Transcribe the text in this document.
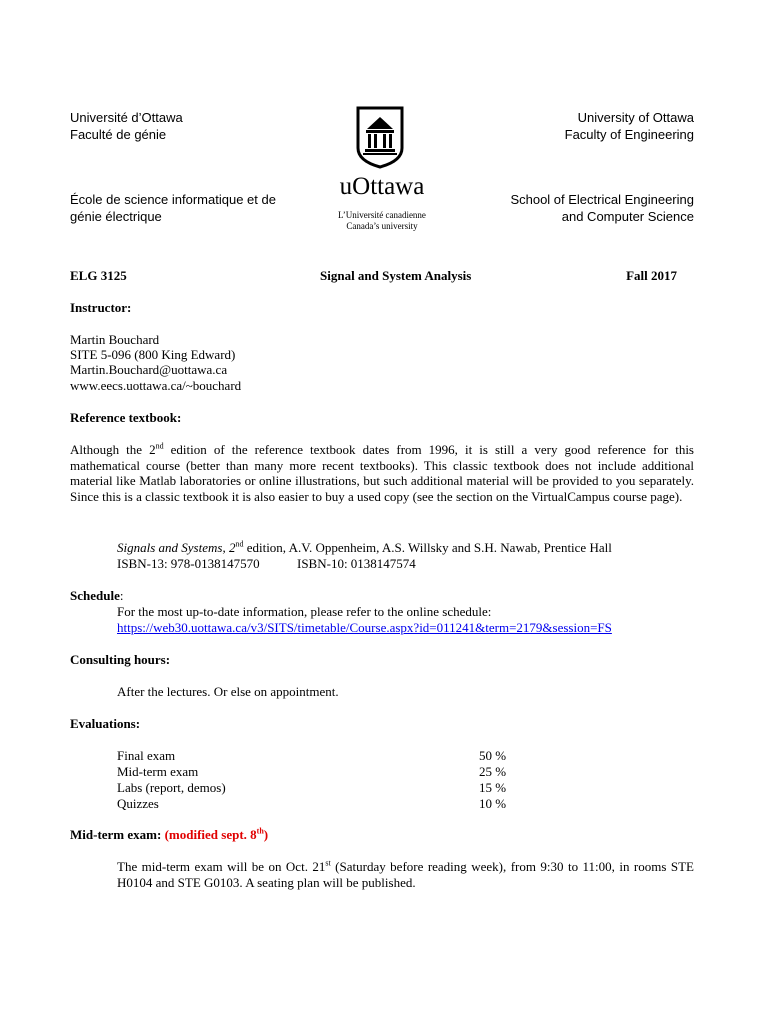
Université d’Ottawa
Faculté de génie
École de science informatique et de
génie électrique
University of Ottawa
Faculty of Engineering
School of Electrical Engineering
and Computer Science
uOttawa
L’Université canadienne
Canada’s university
ELG 3125	Signal and System Analysis	Fall 2017
Instructor:
Martin Bouchard
SITE 5-096 (800 King Edward)
Martin.Bouchard@uottawa.ca
www.eecs.uottawa.ca/~bouchard
Reference textbook:
Although the 2nd edition of the reference textbook dates from 1996, it is still a very good reference for this mathematical course (better than many more recent textbooks). This classic textbook does not include additional material like Matlab laboratories or online illustrations, but such additional material will be provided to you separately. Since this is a classic textbook it is also easier to buy a used copy (see the section on the VirtualCampus course page).
Signals and Systems, 2nd edition, A.V. Oppenheim, A.S. Willsky and S.H. Nawab, Prentice Hall
ISBN-13: 978-0138147570	ISBN-10: 0138147574
Schedule:
For the most up-to-date information, please refer to the online schedule:
https://web30.uottawa.ca/v3/SITS/timetable/Course.aspx?id=011241&term=2179&session=FS
Consulting hours:
After the lectures. Or else on appointment.
Evaluations:
Final exam	50 %
Mid-term exam	25 %
Labs (report, demos)	15 %
Quizzes	10 %
Mid-term exam: (modified sept. 8th)
The mid-term exam will be on Oct. 21st (Saturday before reading week), from 9:30 to 11:00, in rooms STE H0104 and STE G0103. A seating plan will be published.
